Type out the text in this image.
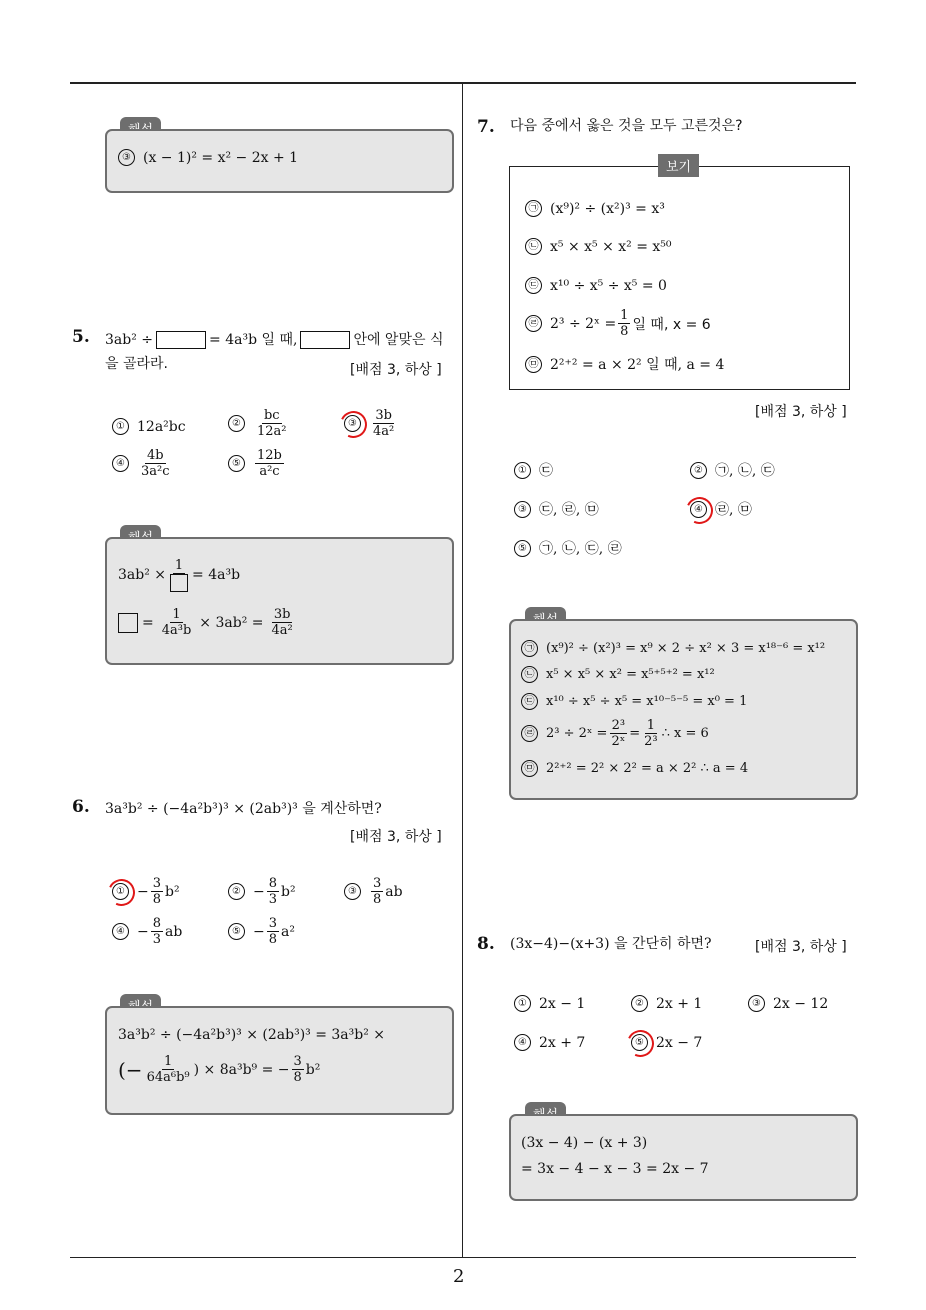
③ (x − 1)² = x² − 2x + 1
5. 3ab² ÷	= 4a³b 일 때,	안에 알맞은 식
을 골라라.	[배점 3, 하상 ]
① 12a²bc	②	$\frac{bc}{\text{12a²}}$	③	$\frac{3b}{\text{4a²}}$
④	$\frac{4b}{\text{3a²c}}$	⑤	$\frac{12b}{\text{a²c}}$
3ab² ×
1
= 4a³b
= $\frac{1}{\text{4a³b}} \times 3ab^2 = \frac{3b}{\text{4a²}}$
6. 3a³b² ÷ (−4a²b³)³ × (2ab³)³ 을 계산하면?
[배점 3, 하상 ]
① − $\frac{3}{8} b^2$	② − $\frac{8}{3} b^2$	③	$\frac{3}{8}$ ab
④ − $\frac{8}{3}$ ab	⑤ − $\frac{3}{8} a^2$
3a³b² ÷ (−4a²b³)³ × (2ab³)³ = 3a³b² ×
(− $\frac{1}{\text{64a⁶b⁹}}$ ) × 8a³b⁹ = − $\frac{3}{8} b^2$
7. 다음 중에서 옳은 것을 모두 고른것은?
보기
㉠ (x⁹)² ÷ (x²)³ = x³
㉡ x⁵ × x⁵ × x² = x⁵⁰
㉢ x¹⁰ ÷ x⁵ ÷ x⁵ = 0
㉣ 2³ ÷ 2ˣ = $\frac{1}{8}$ 일 때, x = 6
㉤ 2²⁺² = a × 2² 일 때, a = 4
[배점 3, 하상 ]
① ㉢	② ㉠, ㉡, ㉢
③ ㉢, ㉣, ㉤	④ ㉣, ㉤
⑤ ㉠, ㉡, ㉢, ㉣
㉠ (x⁹)² ÷ (x²)³ = x⁹ × 2 ÷ x² × 3 = x¹⁸⁻⁶ = x¹²
㉡ x⁵ × x⁵ × x² = x⁵⁺⁵⁺² = x¹²
㉢ x¹⁰ ÷ x⁵ ÷ x⁵ = x¹⁰⁻⁵⁻⁵ = x⁰ = 1
㉣ 2³ ÷ 2ˣ = $\frac{\text{2³}}{\text{2ˣ}} = \frac{1}{\text{2³}}$ ∴ x = 6
㉤ 2²⁺² = 2² × 2² = a × 2² ∴ a = 4
8. (3x−4)−(x+3) 을 간단히 하면?	[배점 3, 하상 ]
① 2x − 1	② 2x + 1	③ 2x − 12
④ 2x + 7	⑤ 2x − 7
(3x − 4) − (x + 3)
= 3x − 4 − x − 3 = 2x − 7
2
